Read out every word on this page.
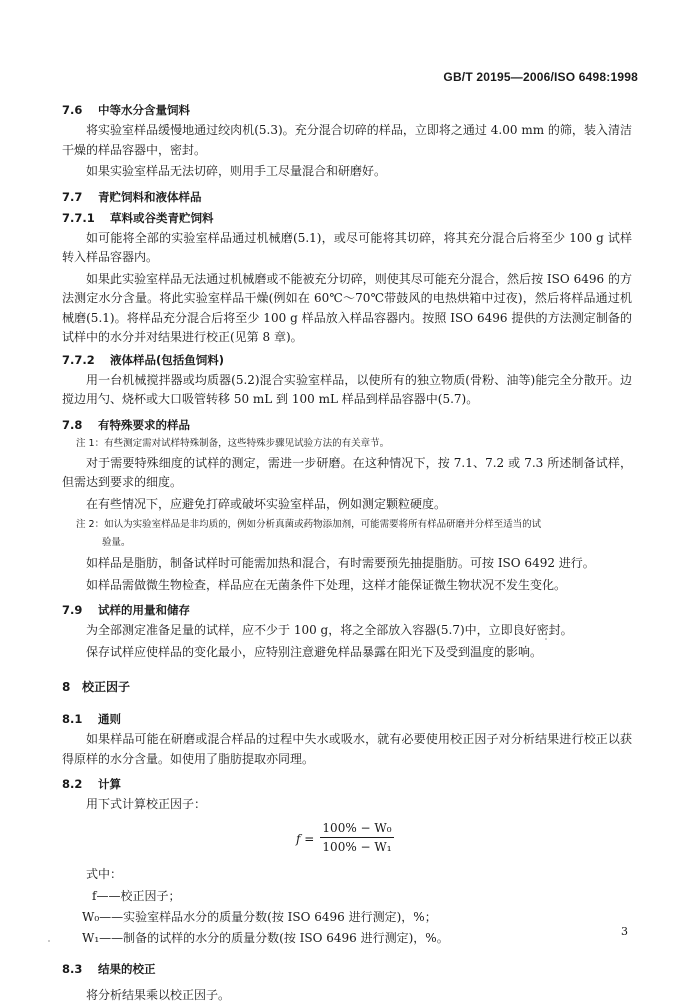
GB/T 20195—2006/ISO 6498:1998
7.6 中等水分含量饲料
将实验室样品缓慢地通过绞肉机(5.3)。充分混合切碎的样品，立即将之通过 4.00 mm 的筛，装入清洁干燥的样品容器中，密封。
如果实验室样品无法切碎，则用手工尽量混合和研磨好。
7.7 青贮饲料和液体样品
7.7.1 草料或谷类青贮饲料
如可能将全部的实验室样品通过机械磨(5.1)，或尽可能将其切碎，将其充分混合后将至少 100 g 试样转入样品容器内。
如果此实验室样品无法通过机械磨或不能被充分切碎，则使其尽可能充分混合，然后按 ISO 6496 的方法测定水分含量。将此实验室样品干燥(例如在 60℃～70℃带鼓风的电热烘箱中过夜)，然后将样品通过机械磨(5.1)。将样品充分混合后将至少 100 g 样品放入样品容器内。按照 ISO 6496 提供的方法测定制备的试样中的水分并对结果进行校正(见第 8 章)。
7.7.2 液体样品(包括鱼饲料)
用一台机械搅拌器或均质器(5.2)混合实验室样品，以使所有的独立物质(骨粉、油等)能完全分散开。边搅边用勺、烧杯或大口吸管转移 50 mL 到 100 mL 样品到样品容器中(5.7)。
7.8 有特殊要求的样品
注 1：有些测定需对试样特殊制备，这些特殊步骤见试验方法的有关章节。
对于需要特殊细度的试样的测定，需进一步研磨。在这种情况下，按 7.1、7.2 或 7.3 所述制备试样，但需达到要求的细度。
在有些情况下，应避免打碎或破坏实验室样品，例如测定颗粒硬度。
注 2：如认为实验室样品是非均质的，例如分析真菌或药物添加剂，可能需要将所有样品研磨并分样至适当的试
验量。
如样品是脂肪，制备试样时可能需加热和混合，有时需要预先抽提脂肪。可按 ISO 6492 进行。
如样品需做微生物检查，样品应在无菌条件下处理，这样才能保证微生物状况不发生变化。
7.9 试样的用量和储存
为全部测定准备足量的试样，应不少于 100 g，将之全部放入容器(5.7)中，立即良好密封。
保存试样应使样品的变化最小，应特别注意避免样品暴露在阳光下及受到温度的影响。
8 校正因子
8.1 通则
如果样品可能在研磨或混合样品的过程中失水或吸水，就有必要使用校正因子对分析结果进行校正以获得原样的水分含量。如使用了脂肪提取亦同理。
8.2 计算
用下式计算校正因子：
$f = \frac{\text{100\% − W₀}}{\text{100\% − W₁}}$
式中：
f——校正因子；
W₀——实验室样品水分的质量分数(按 ISO 6496 进行测定)，%；
W₁——制备的试样的水分的质量分数(按 ISO 6496 进行测定)，%。
8.3 结果的校正
将分析结果乘以校正因子。
3
